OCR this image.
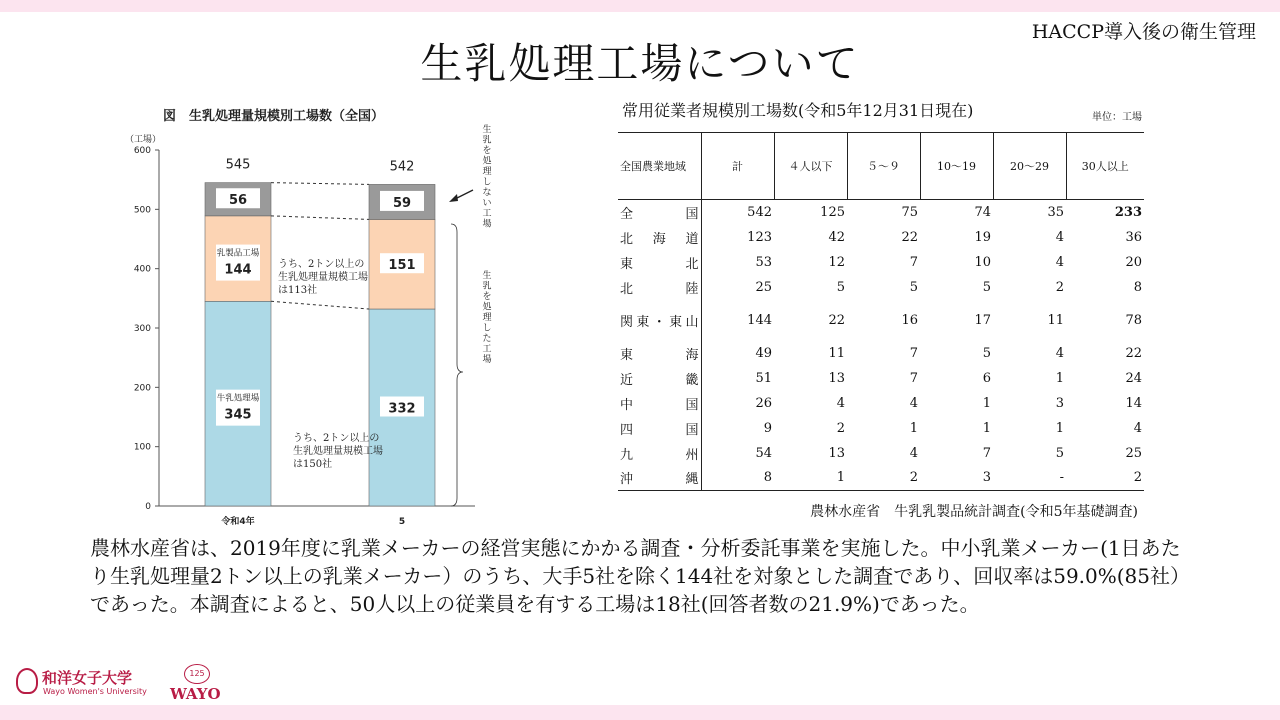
HACCP導入後の衛生管理
生乳処理工場について
図　生乳処理量規模別工場数（全国）
（工場）
0
100
200
300
400
500
600
牛乳処理場
345
乳製品工場
144
56
545
令和4年
332
151
59
542
5
うち、2トン以上の生乳処理量規模工場は113社
うち、2トン以上の生乳処理量規模工場は150社
生乳を処理しない工場
生乳を処理した工場
常用従業者規模別工場数(令和5年12月31日現在)	単位：工場
全国農業地域	計	４人以下	５～９	10～19	20～29	30人以上
全国	542	125	75	74	35	233
北海道	123	42	22	19	4	36
東北	53	12	7	10	4	20
北陸	25	5	5	5	2	8
関東・東山	144	22	16	17	11	78
東海	49	11	7	5	4	22
近畿	51	13	7	6	1	24
中国	26	4	4	1	3	14
四国	9	2	1	1	1	4
九州	54	13	4	7	5	25
沖縄	8	1	2	3	-	2
農林水産省　牛乳乳製品統計調査(令和5年基礎調査)
農林水産省は、2019年度に乳業メーカーの経営実態にかかる調査・分析委託事業を実施した。中小乳業メーカー(1日あたり生乳処理量2トン以上の乳業メーカー）のうち、大手5社を除く144社を対象とした調査であり、回収率は59.0%(85社）であった。本調査によると、50人以上の従業員を有する工場は18社(回答者数の21.9%)であった。
和洋女子大学
Wayo Women's University
125
WAYO
